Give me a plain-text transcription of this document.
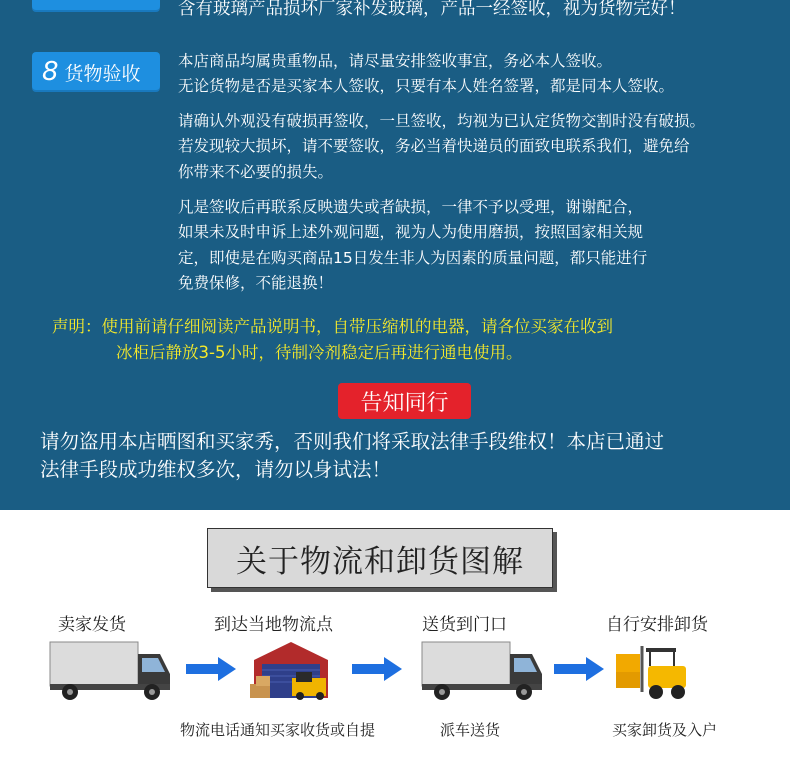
含有玻璃产品损坏厂家补发玻璃，产品一经签收，视为货物完好！
8 货物验收
本店商品均属贵重物品，请尽量安排签收事宜，务必本人签收。
无论货物是否是买家本人签收，只要有本人姓名签署，都是同本人签收。
请确认外观没有破损再签收，一旦签收，均视为已认定货物交割时没有破损。
若发现较大损坏，请不要签收，务必当着快递员的面致电联系我们，避免给
你带来不必要的损失。
凡是签收后再联系反映遗失或者缺损，一律不予以受理，谢谢配合，
如果未及时申诉上述外观问题，视为人为使用磨损，按照国家相关规
定，即使是在购买商品15日发生非人为因素的质量问题，都只能进行
免费保修，不能退换！
声明：使用前请仔细阅读产品说明书，自带压缩机的电器，请各位买家在收到
冰柜后静放3-5小时，待制冷剂稳定后再进行通电使用。
告知同行
请勿盗用本店晒图和买家秀，否则我们将采取法律手段维权！本店已通过
法律手段成功维权多次，请勿以身试法！
关于物流和卸货图解
卖家发货	到达当地物流点	送货到门口	自行安排卸货
物流电话通知买家收货或自提	派车送货	买家卸货及入户
